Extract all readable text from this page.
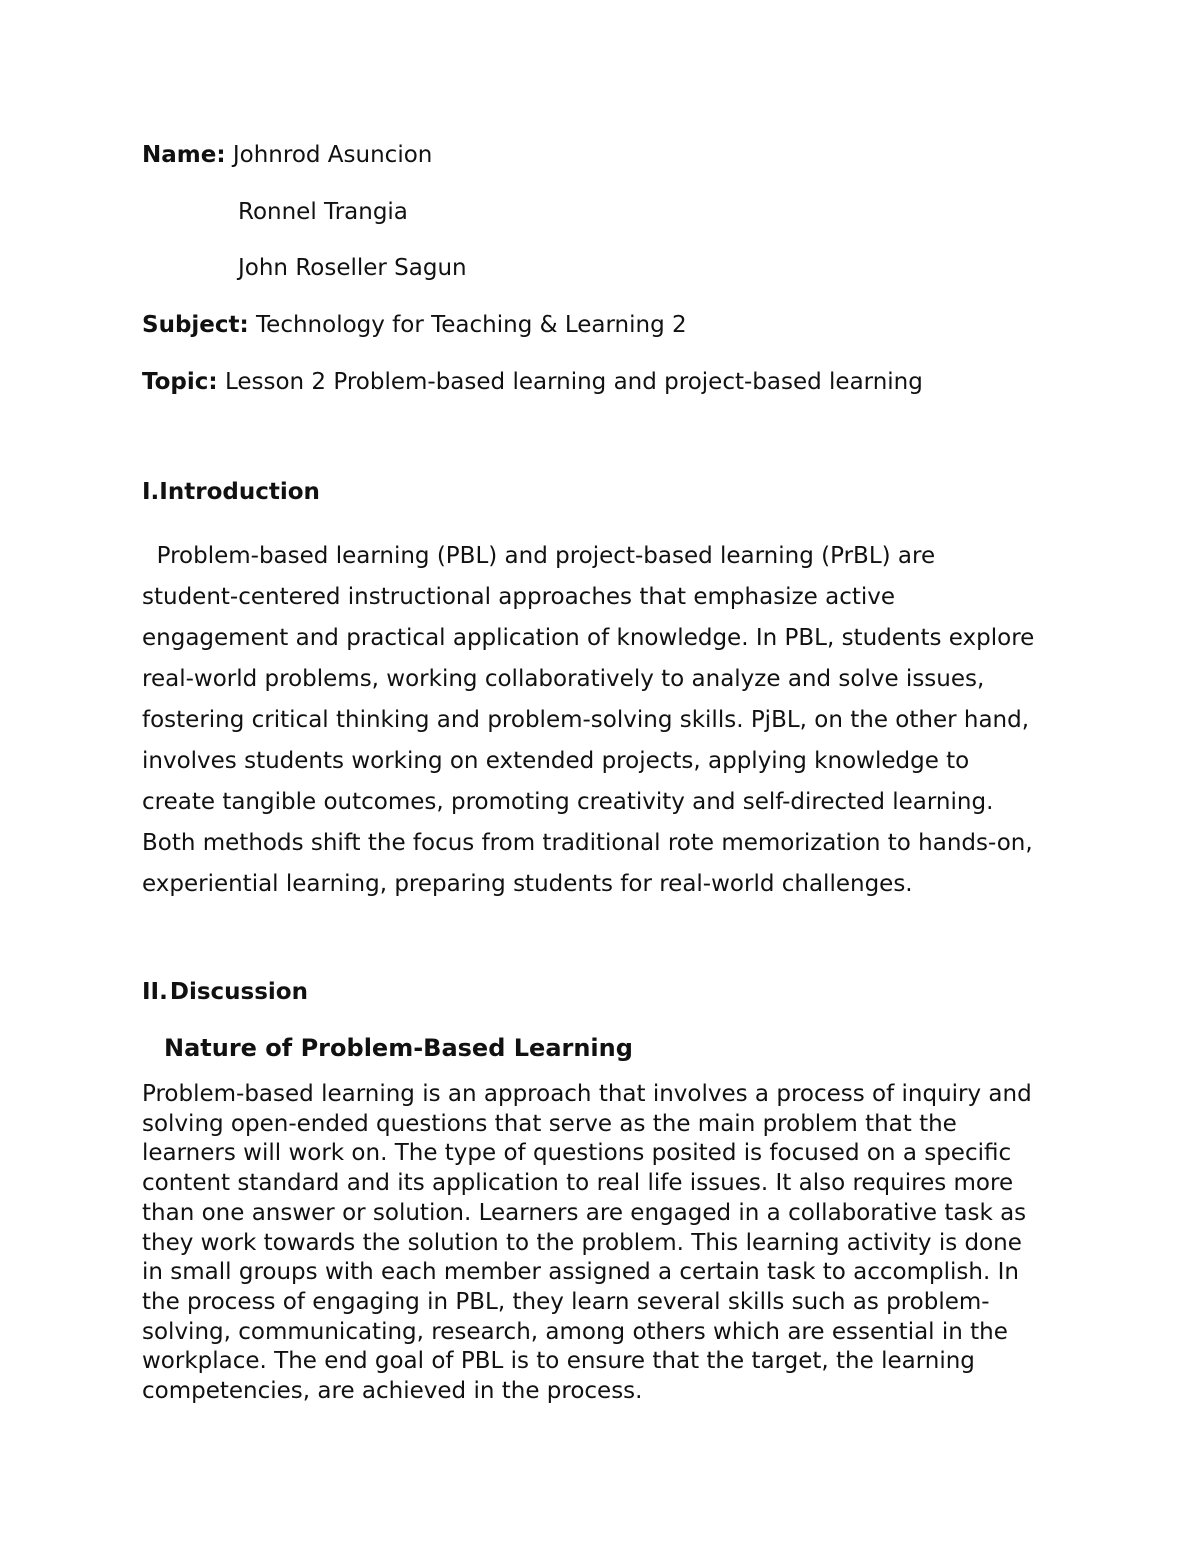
Name: Johnrod Asuncion
Ronnel Trangia
John Roseller Sagun
Subject: Technology for Teaching & Learning 2
Topic: Lesson 2 Problem-based learning and project-based learning
I.Introduction
Problem-based learning (PBL) and project-based learning (PrBL) are
student-centered instructional approaches that emphasize active
engagement and practical application of knowledge. In PBL, students explore
real-world problems, working collaboratively to analyze and solve issues,
fostering critical thinking and problem-solving skills. PjBL, on the other hand,
involves students working on extended projects, applying knowledge to
create tangible outcomes, promoting creativity and self-directed learning.
Both methods shift the focus from traditional rote memorization to hands-on,
experiential learning, preparing students for real-world challenges.
II.Discussion
Nature of Problem-Based Learning
Problem-based learning is an approach that involves a process of inquiry and
solving open-ended questions that serve as the main problem that the
learners will work on. The type of questions posited is focused on a specific
content standard and its application to real life issues. It also requires more
than one answer or solution. Learners are engaged in a collaborative task as
they work towards the solution to the problem. This learning activity is done
in small groups with each member assigned a certain task to accomplish. In
the process of engaging in PBL, they learn several skills such as problem-
solving, communicating, research, among others which are essential in the
workplace. The end goal of PBL is to ensure that the target, the learning
competencies, are achieved in the process.
